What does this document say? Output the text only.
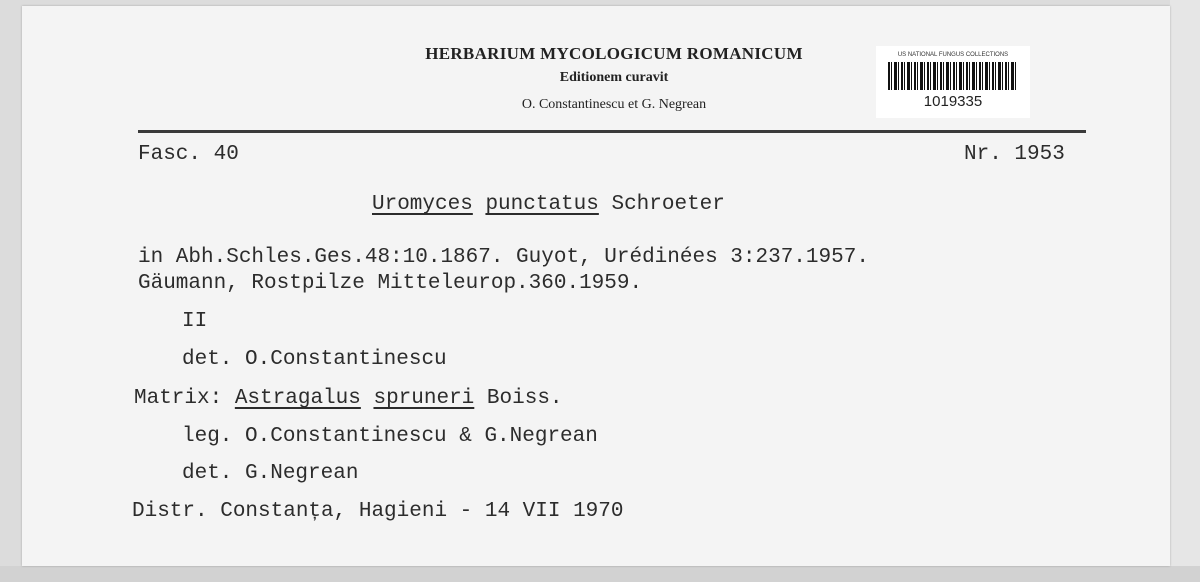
HERBARIUM MYCOLOGICUM ROMANICUM
Editionem curavit
O. Constantinescu et G. Negrean
US NATIONAL FUNGUS COLLECTIONS
1019335
Fasc. 40	Nr. 1953
Uromyces punctatus Schroeter
in Abh.Schles.Ges.48:10.1867. Guyot, Urédinées 3:237.1957.
Gäumann, Rostpilze Mitteleurop.360.1959.
II
det. O.Constantinescu
Matrix: Astragalus spruneri Boiss.
leg. O.Constantinescu & G.Negrean
det. G.Negrean
Distr. Constanța, Hagieni - 14 VII 1970
